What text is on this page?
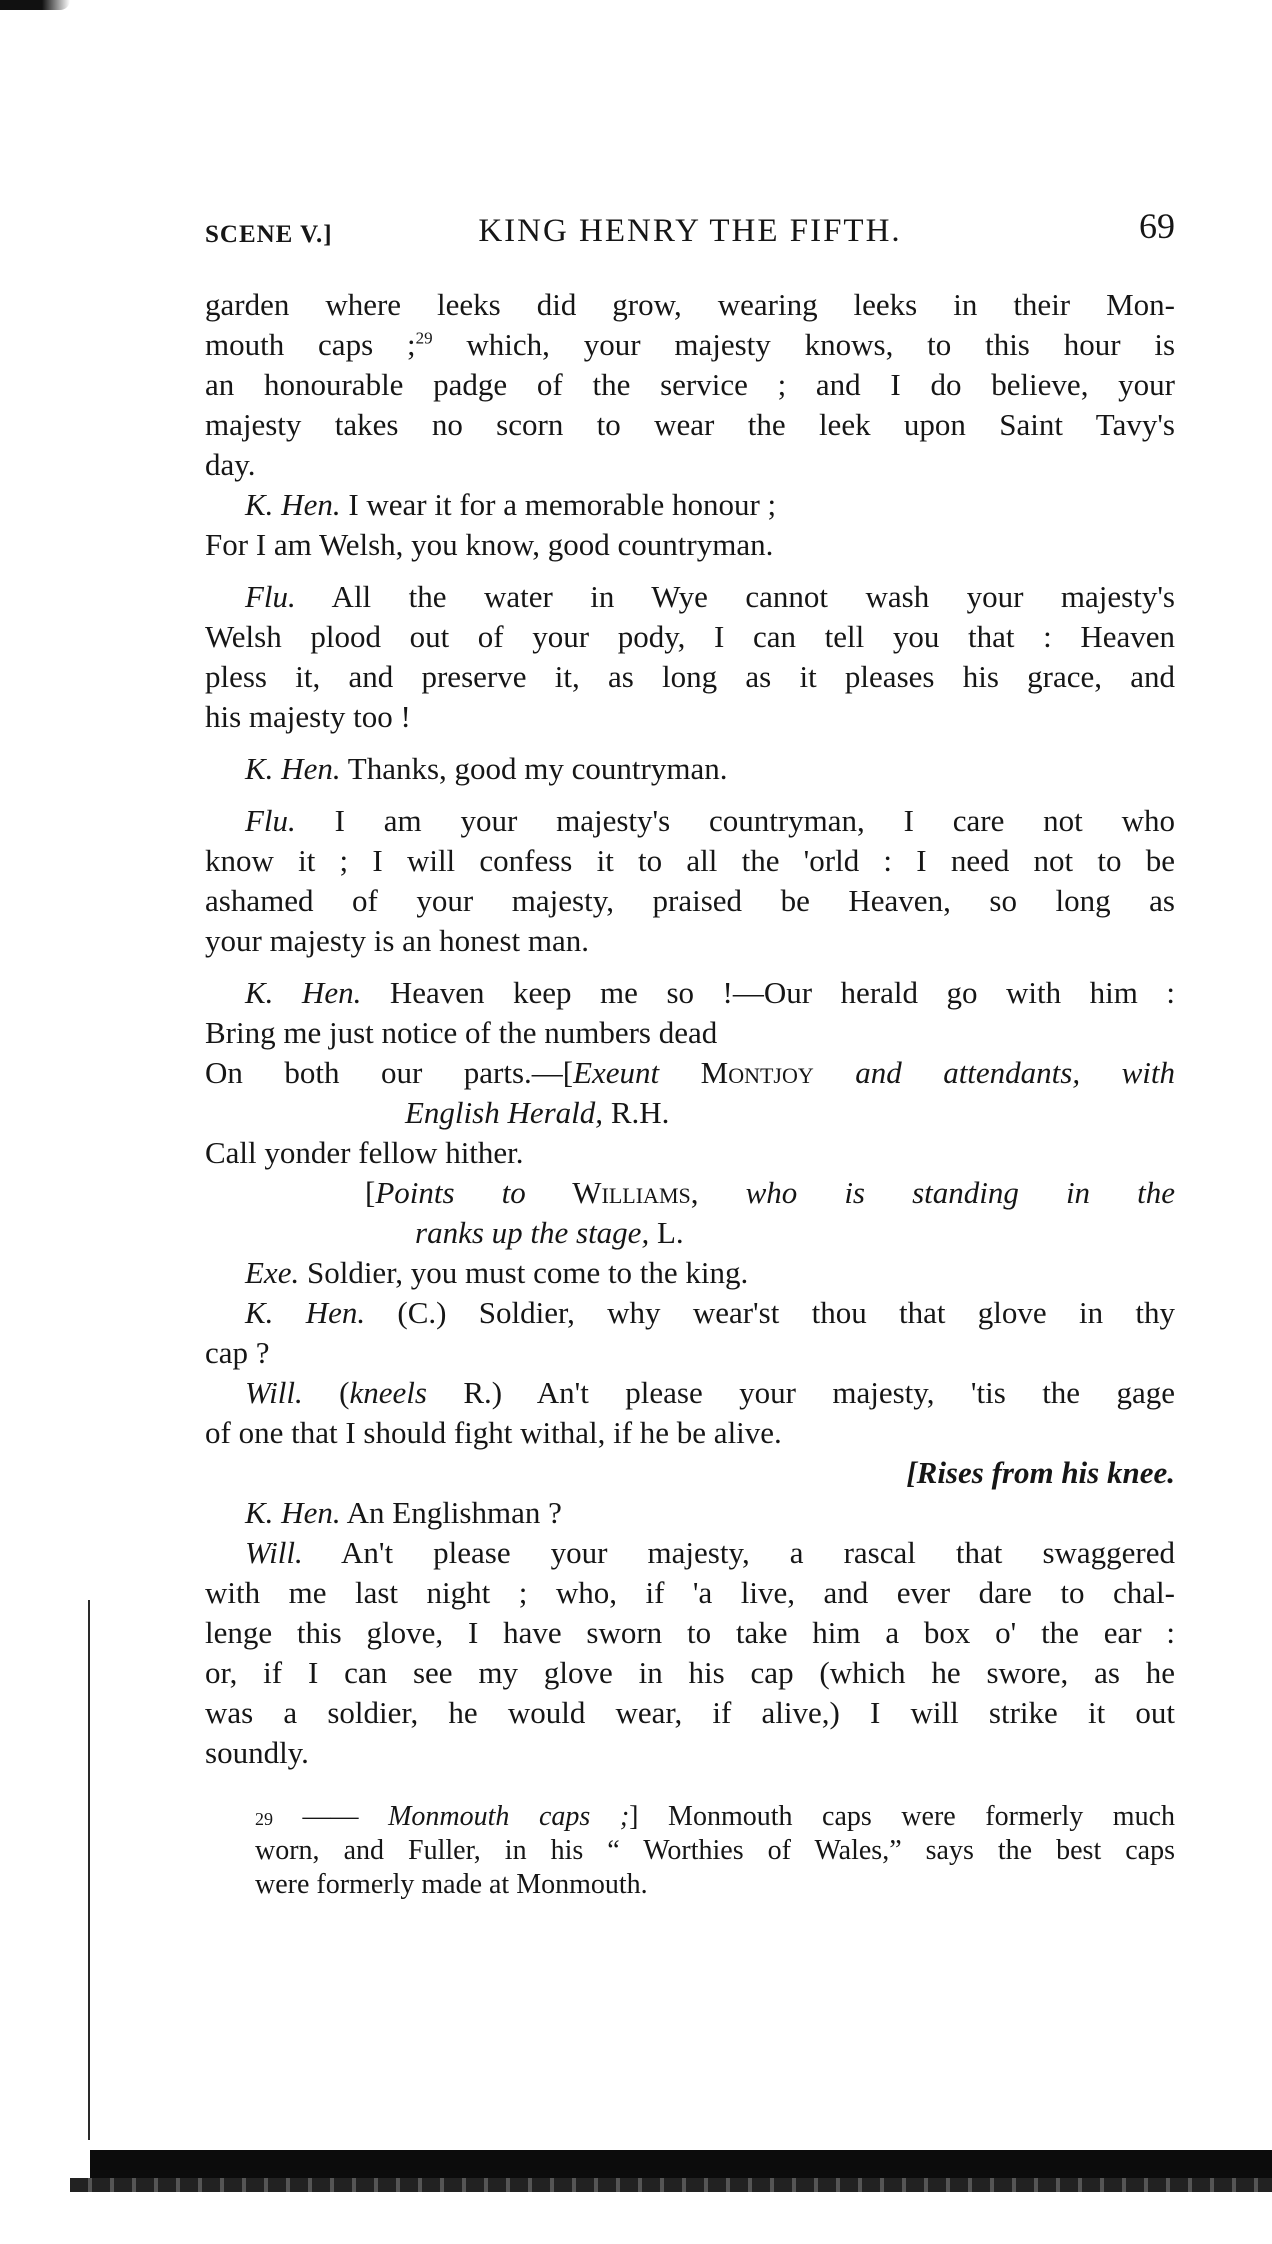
SCENE V.]	KING HENRY THE FIFTH.	69
garden where leeks did grow, wearing leeks in their Mon-
mouth caps ;$^{29}$ which, your majesty knows, to this hour is
an honourable padge of the service ; and I do believe, your
majesty takes no scorn to wear the leek upon Saint Tavy's
day.
K. Hen. I wear it for a memorable honour ;
For I am Welsh, you know, good countryman.
Flu. All the water in Wye cannot wash your majesty's
Welsh plood out of your pody, I can tell you that : Heaven
pless it, and preserve it, as long as it pleases his grace, and
his majesty too !
K. Hen. Thanks, good my countryman.
Flu. I am your majesty's countryman, I care not who
know it ; I will confess it to all the 'orld : I need not to be
ashamed of your majesty, praised be Heaven, so long as
your majesty is an honest man.
K. Hen. Heaven keep me so !—Our herald go with him :
Bring me just notice of the numbers dead
On both our parts.—[Exeunt Montjoy and attendants, with
English Herald, R.H.
Call yonder fellow hither.
[Points to Williams, who is standing in the
ranks up the stage, L.
Exe. Soldier, you must come to the king.
K. Hen. (C.) Soldier, why wear'st thou that glove in thy
cap ?
Will. (kneels R.) An't please your majesty, 'tis the gage
of one that I should fight withal, if he be alive.
[Rises from his knee.
K. Hen. An Englishman ?
Will. An't please your majesty, a rascal that swaggered
with me last night ; who, if 'a live, and ever dare to chal-
lenge this glove, I have sworn to take him a box o' the ear :
or, if I can see my glove in his cap (which he swore, as he
was a soldier, he would wear, if alive,) I will strike it out
soundly.
29 —— Monmouth caps ;] Monmouth caps were formerly much
worn, and Fuller, in his “ Worthies of Wales,” says the best caps
were formerly made at Monmouth.
